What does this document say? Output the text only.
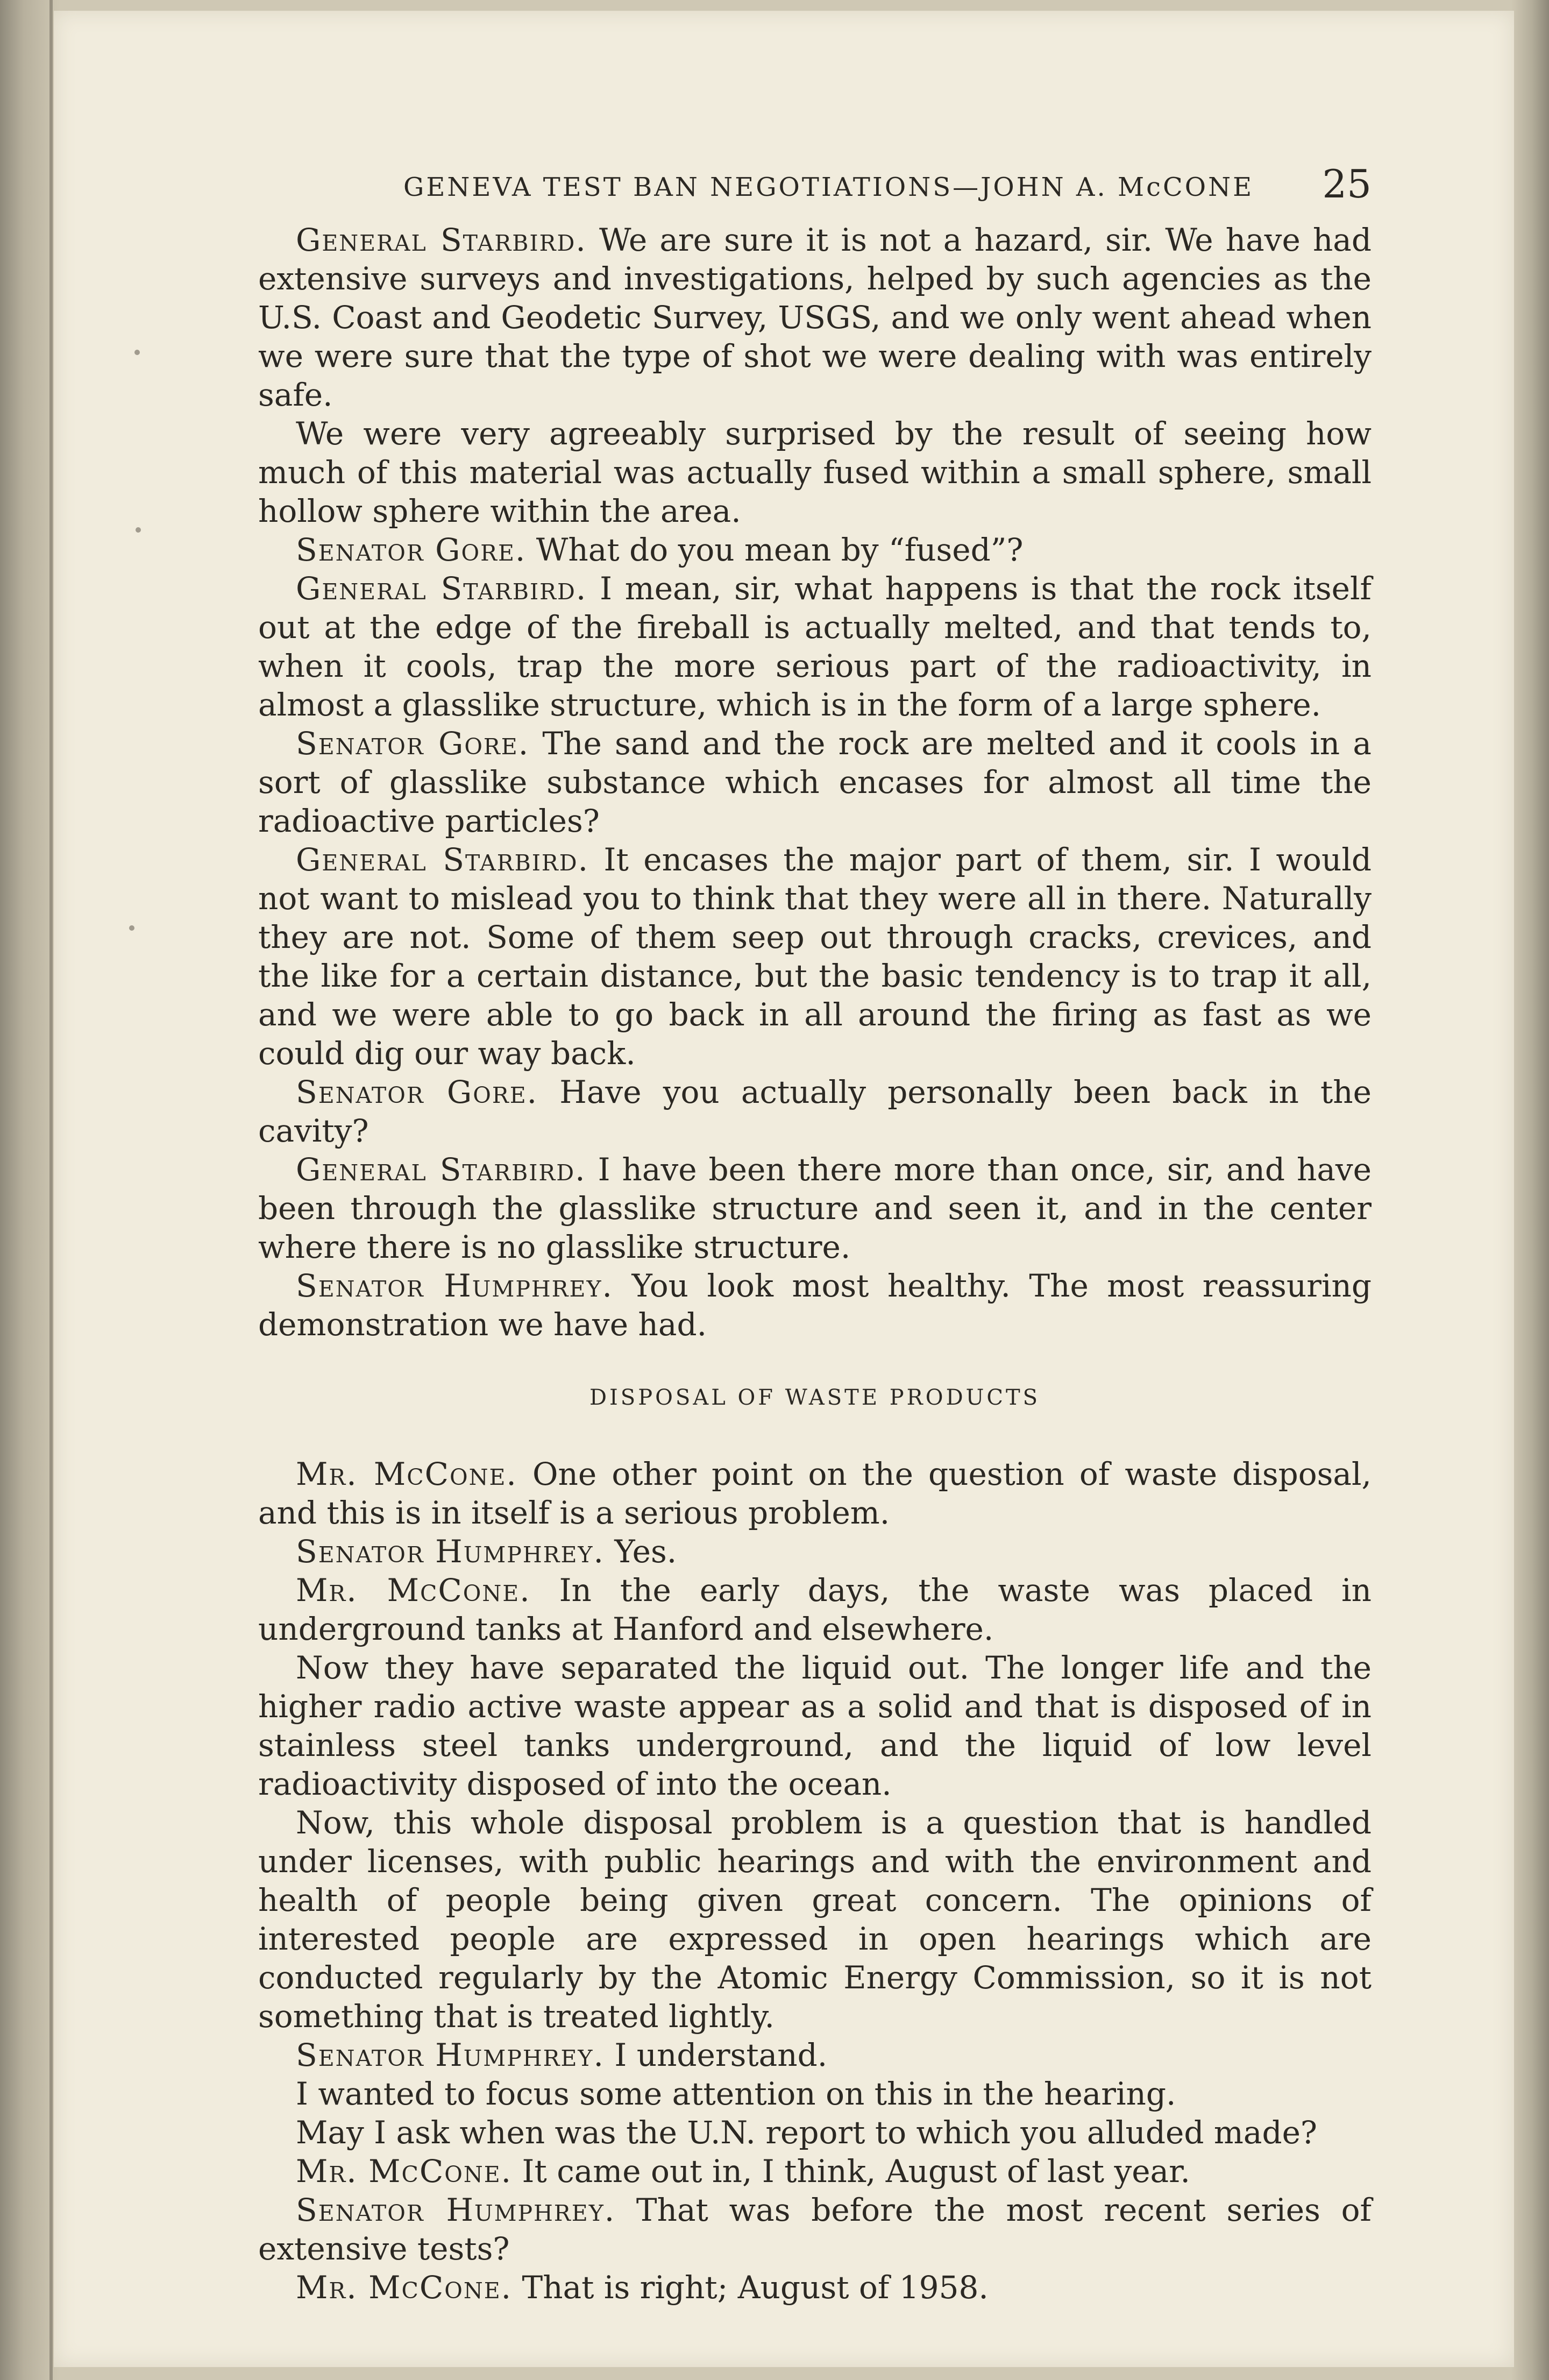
GENEVA TEST BAN NEGOTIATIONS—JOHN A. McCONE 25

General Starbird. We are sure it is not a hazard, sir. We have had extensive surveys and investigations, helped by such agencies as the U.S. Coast and Geodetic Survey, USGS, and we only went ahead when we were sure that the type of shot we were dealing with was entirely safe.

We were very agreeably surprised by the result of seeing how much of this material was actually fused within a small sphere, small hollow sphere within the area.

Senator Gore. What do you mean by “fused”?

General Starbird. I mean, sir, what happens is that the rock itself out at the edge of the fireball is actually melted, and that tends to, when it cools, trap the more serious part of the radioactivity, in almost a glasslike structure, which is in the form of a large sphere.

Senator Gore. The sand and the rock are melted and it cools in a sort of glasslike substance which encases for almost all time the radioactive particles?

General Starbird. It encases the major part of them, sir. I would not want to mislead you to think that they were all in there. Naturally they are not. Some of them seep out through cracks, crevices, and the like for a certain distance, but the basic tendency is to trap it all, and we were able to go back in all around the firing as fast as we could dig our way back.

Senator Gore. Have you actually personally been back in the cavity?

General Starbird. I have been there more than once, sir, and have been through the glasslike structure and seen it, and in the center where there is no glasslike structure.

Senator Humphrey. You look most healthy. The most reassuring demonstration we have had.

DISPOSAL OF WASTE PRODUCTS

Mr. McCone. One other point on the question of waste disposal, and this is in itself is a serious problem.

Senator Humphrey. Yes.

Mr. McCone. In the early days, the waste was placed in underground tanks at Hanford and elsewhere.

Now they have separated the liquid out. The longer life and the higher radio active waste appear as a solid and that is disposed of in stainless steel tanks underground, and the liquid of low level radioactivity disposed of into the ocean.

Now, this whole disposal problem is a question that is handled under licenses, with public hearings and with the environment and health of people being given great concern. The opinions of interested people are expressed in open hearings which are conducted regularly by the Atomic Energy Commission, so it is not something that is treated lightly.

Senator Humphrey. I understand.

I wanted to focus some attention on this in the hearing.

May I ask when was the U.N. report to which you alluded made?

Mr. McCone. It came out in, I think, August of last year.

Senator Humphrey. That was before the most recent series of extensive tests?

Mr. McCone. That is right; August of 1958.
